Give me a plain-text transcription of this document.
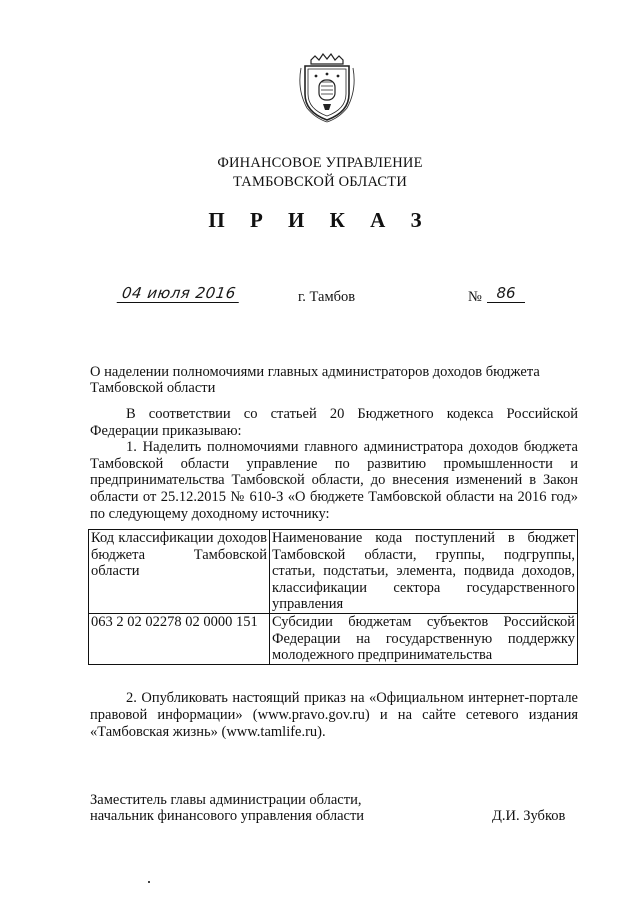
ФИНАНСОВОЕ УПРАВЛЕНИЕ
ТАМБОВСКОЙ ОБЛАСТИ
П Р И К А З
04 июля 2016	г. Тамбов	№ 86
О наделении полномочиями главных администраторов доходов бюджета Тамбовской области

В соответствии со статьей 20 Бюджетного кодекса Российской Федерации приказываю:

1. Наделить полномочиями главного администратора доходов бюджета Тамбовской области управление по развитию промышленности и предпринимательства Тамбовской области, до внесения изменений в Закон области от 25.12.2015 № 610-З «О бюджете Тамбовской области на 2016 год» по следующему доходному источнику:

Код классификации доходов бюджета Тамбовской области	Наименование кода поступлений в бюджет Тамбовской области, группы, подгруппы, статьи, подстатьи, элемента, подвида доходов, классификации сектора государственного управления
063 2 02 02278 02 0000 151	Субсидии бюджетам субъектов Российской Федерации на государственную поддержку молодежного предпринимательства

2. Опубликовать настоящий приказ на «Официальном интернет-портале правовой информации» (www.pravo.gov.ru) и на сайте сетевого издания «Тамбовская жизнь» (www.tamlife.ru).

Заместитель главы администрации области,
начальник финансового управления области	Д.И. Зубков
